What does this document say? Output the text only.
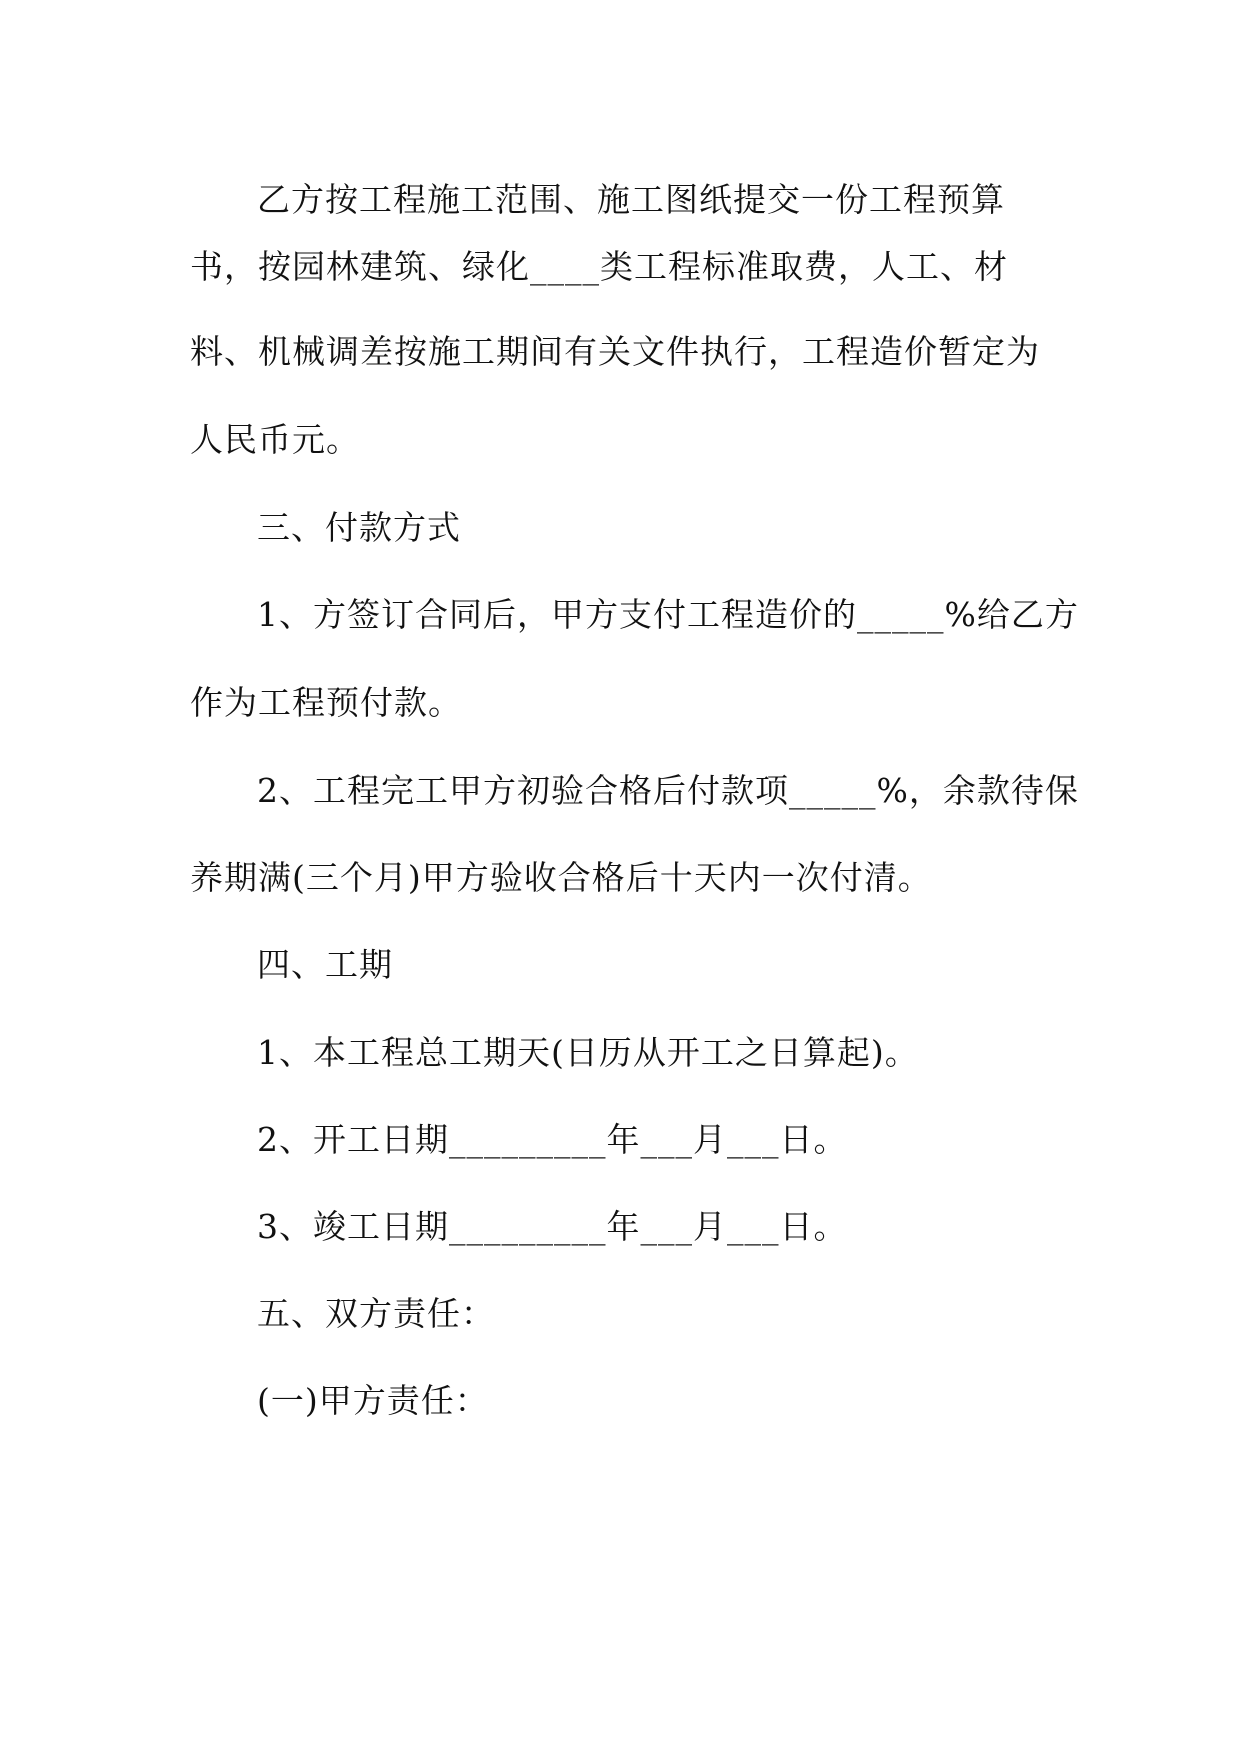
乙方按工程施工范围、施工图纸提交一份工程预算
书，按园林建筑、绿化____类工程标准取费，人工、材
料、机械调差按施工期间有关文件执行，工程造价暂定为
人民币元。
三、付款方式
1、方签订合同后，甲方支付工程造价的_____%给乙方
作为工程预付款。
2、工程完工甲方初验合格后付款项_____%，余款待保
养期满(三个月)甲方验收合格后十天内一次付清。
四、工期
1、本工程总工期天(日历从开工之日算起)。
2、开工日期_________年___月___日。
3、竣工日期_________年___月___日。
五、双方责任：
(一)甲方责任：
